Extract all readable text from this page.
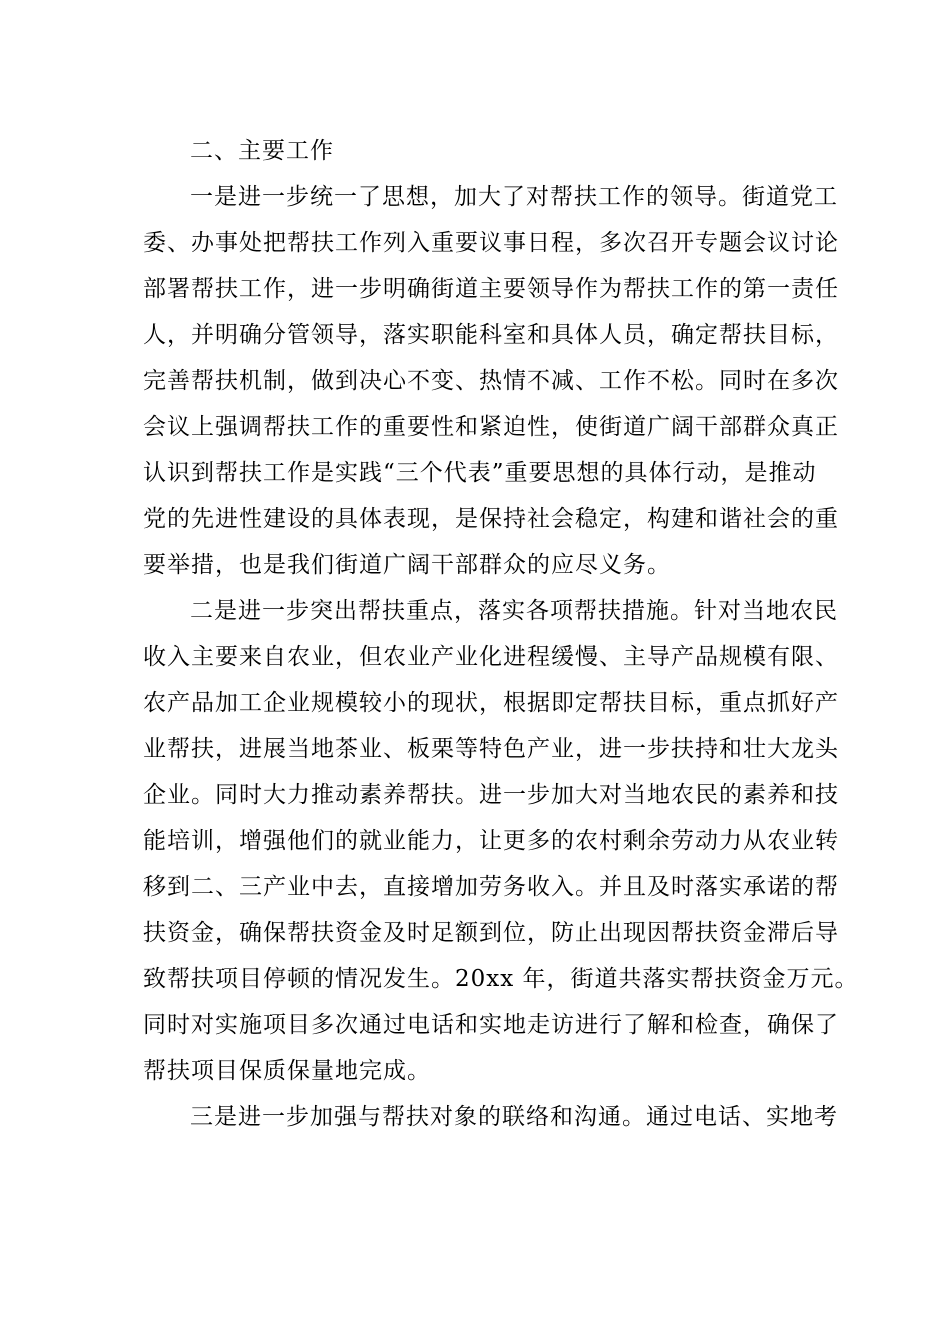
二、主要工作
一是进一步统一了思想，加大了对帮扶工作的领导。街道党工
委、办事处把帮扶工作列入重要议事日程，多次召开专题会议讨论
部署帮扶工作，进一步明确街道主要领导作为帮扶工作的第一责任
人，并明确分管领导，落实职能科室和具体人员，确定帮扶目标，
完善帮扶机制，做到决心不变、热情不减、工作不松。同时在多次
会议上强调帮扶工作的重要性和紧迫性，使街道广阔干部群众真正
认识到帮扶工作是实践“三个代表”重要思想的具体行动，是推动
党的先进性建设的具体表现，是保持社会稳定，构建和谐社会的重
要举措，也是我们街道广阔干部群众的应尽义务。
二是进一步突出帮扶重点，落实各项帮扶措施。针对当地农民
收入主要来自农业，但农业产业化进程缓慢、主导产品规模有限、
农产品加工企业规模较小的现状，根据即定帮扶目标，重点抓好产
业帮扶，进展当地茶业、板栗等特色产业，进一步扶持和壮大龙头
企业。同时大力推动素养帮扶。进一步加大对当地农民的素养和技
能培训，增强他们的就业能力，让更多的农村剩余劳动力从农业转
移到二、三产业中去，直接增加劳务收入。并且及时落实承诺的帮
扶资金，确保帮扶资金及时足额到位，防止出现因帮扶资金滞后导
致帮扶项目停顿的情况发生。20xx 年，街道共落实帮扶资金万元。
同时对实施项目多次通过电话和实地走访进行了解和检查，确保了
帮扶项目保质保量地完成。
三是进一步加强与帮扶对象的联络和沟通。通过电话、实地考
